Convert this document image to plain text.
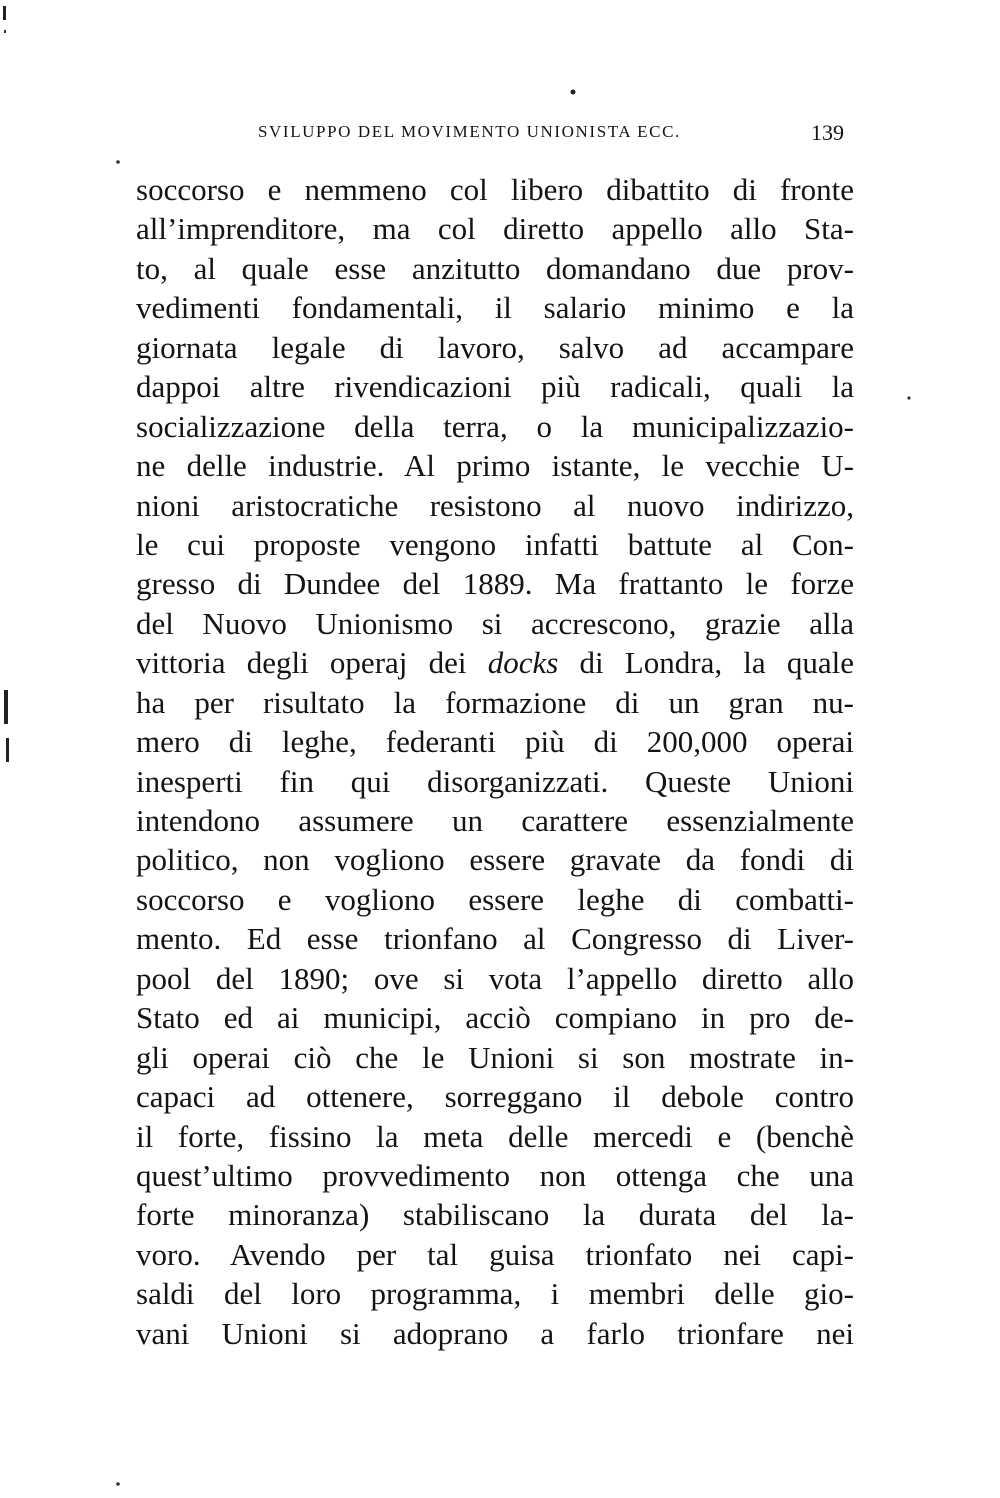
SVILUPPO DEL MOVIMENTO UNIONISTA ECC.	139
soccorso e nemmeno col libero dibattito di fronte
all’imprenditore, ma col diretto appello allo Sta-
to, al quale esse anzitutto domandano due prov-
vedimenti fondamentali, il salario minimo e la
giornata legale di lavoro, salvo ad accampare
dappoi altre rivendicazioni più radicali, quali la
socializzazione della terra, o la municipalizzazio-
ne delle industrie. Al primo istante, le vecchie U-
nioni aristocratiche resistono al nuovo indirizzo,
le cui proposte vengono infatti battute al Con-
gresso di Dundee del 1889. Ma frattanto le forze
del Nuovo Unionismo si accrescono, grazie alla
vittoria degli operaj dei docks di Londra, la quale
ha per risultato la formazione di un gran nu-
mero di leghe, federanti più di 200,000 operai
inesperti fin qui disorganizzati. Queste Unioni
intendono assumere un carattere essenzialmente
politico, non vogliono essere gravate da fondi di
soccorso e vogliono essere leghe di combatti-
mento. Ed esse trionfano al Congresso di Liver-
pool del 1890; ove si vota l’appello diretto allo
Stato ed ai municipi, acciò compiano in pro de-
gli operai ciò che le Unioni si son mostrate in-
capaci ad ottenere, sorreggano il debole contro
il forte, fissino la meta delle mercedi e (benchè
quest’ultimo provvedimento non ottenga che una
forte minoranza) stabiliscano la durata del la-
voro. Avendo per tal guisa trionfato nei capi-
saldi del loro programma, i membri delle gio-
vani Unioni si adoprano a farlo trionfare nei
